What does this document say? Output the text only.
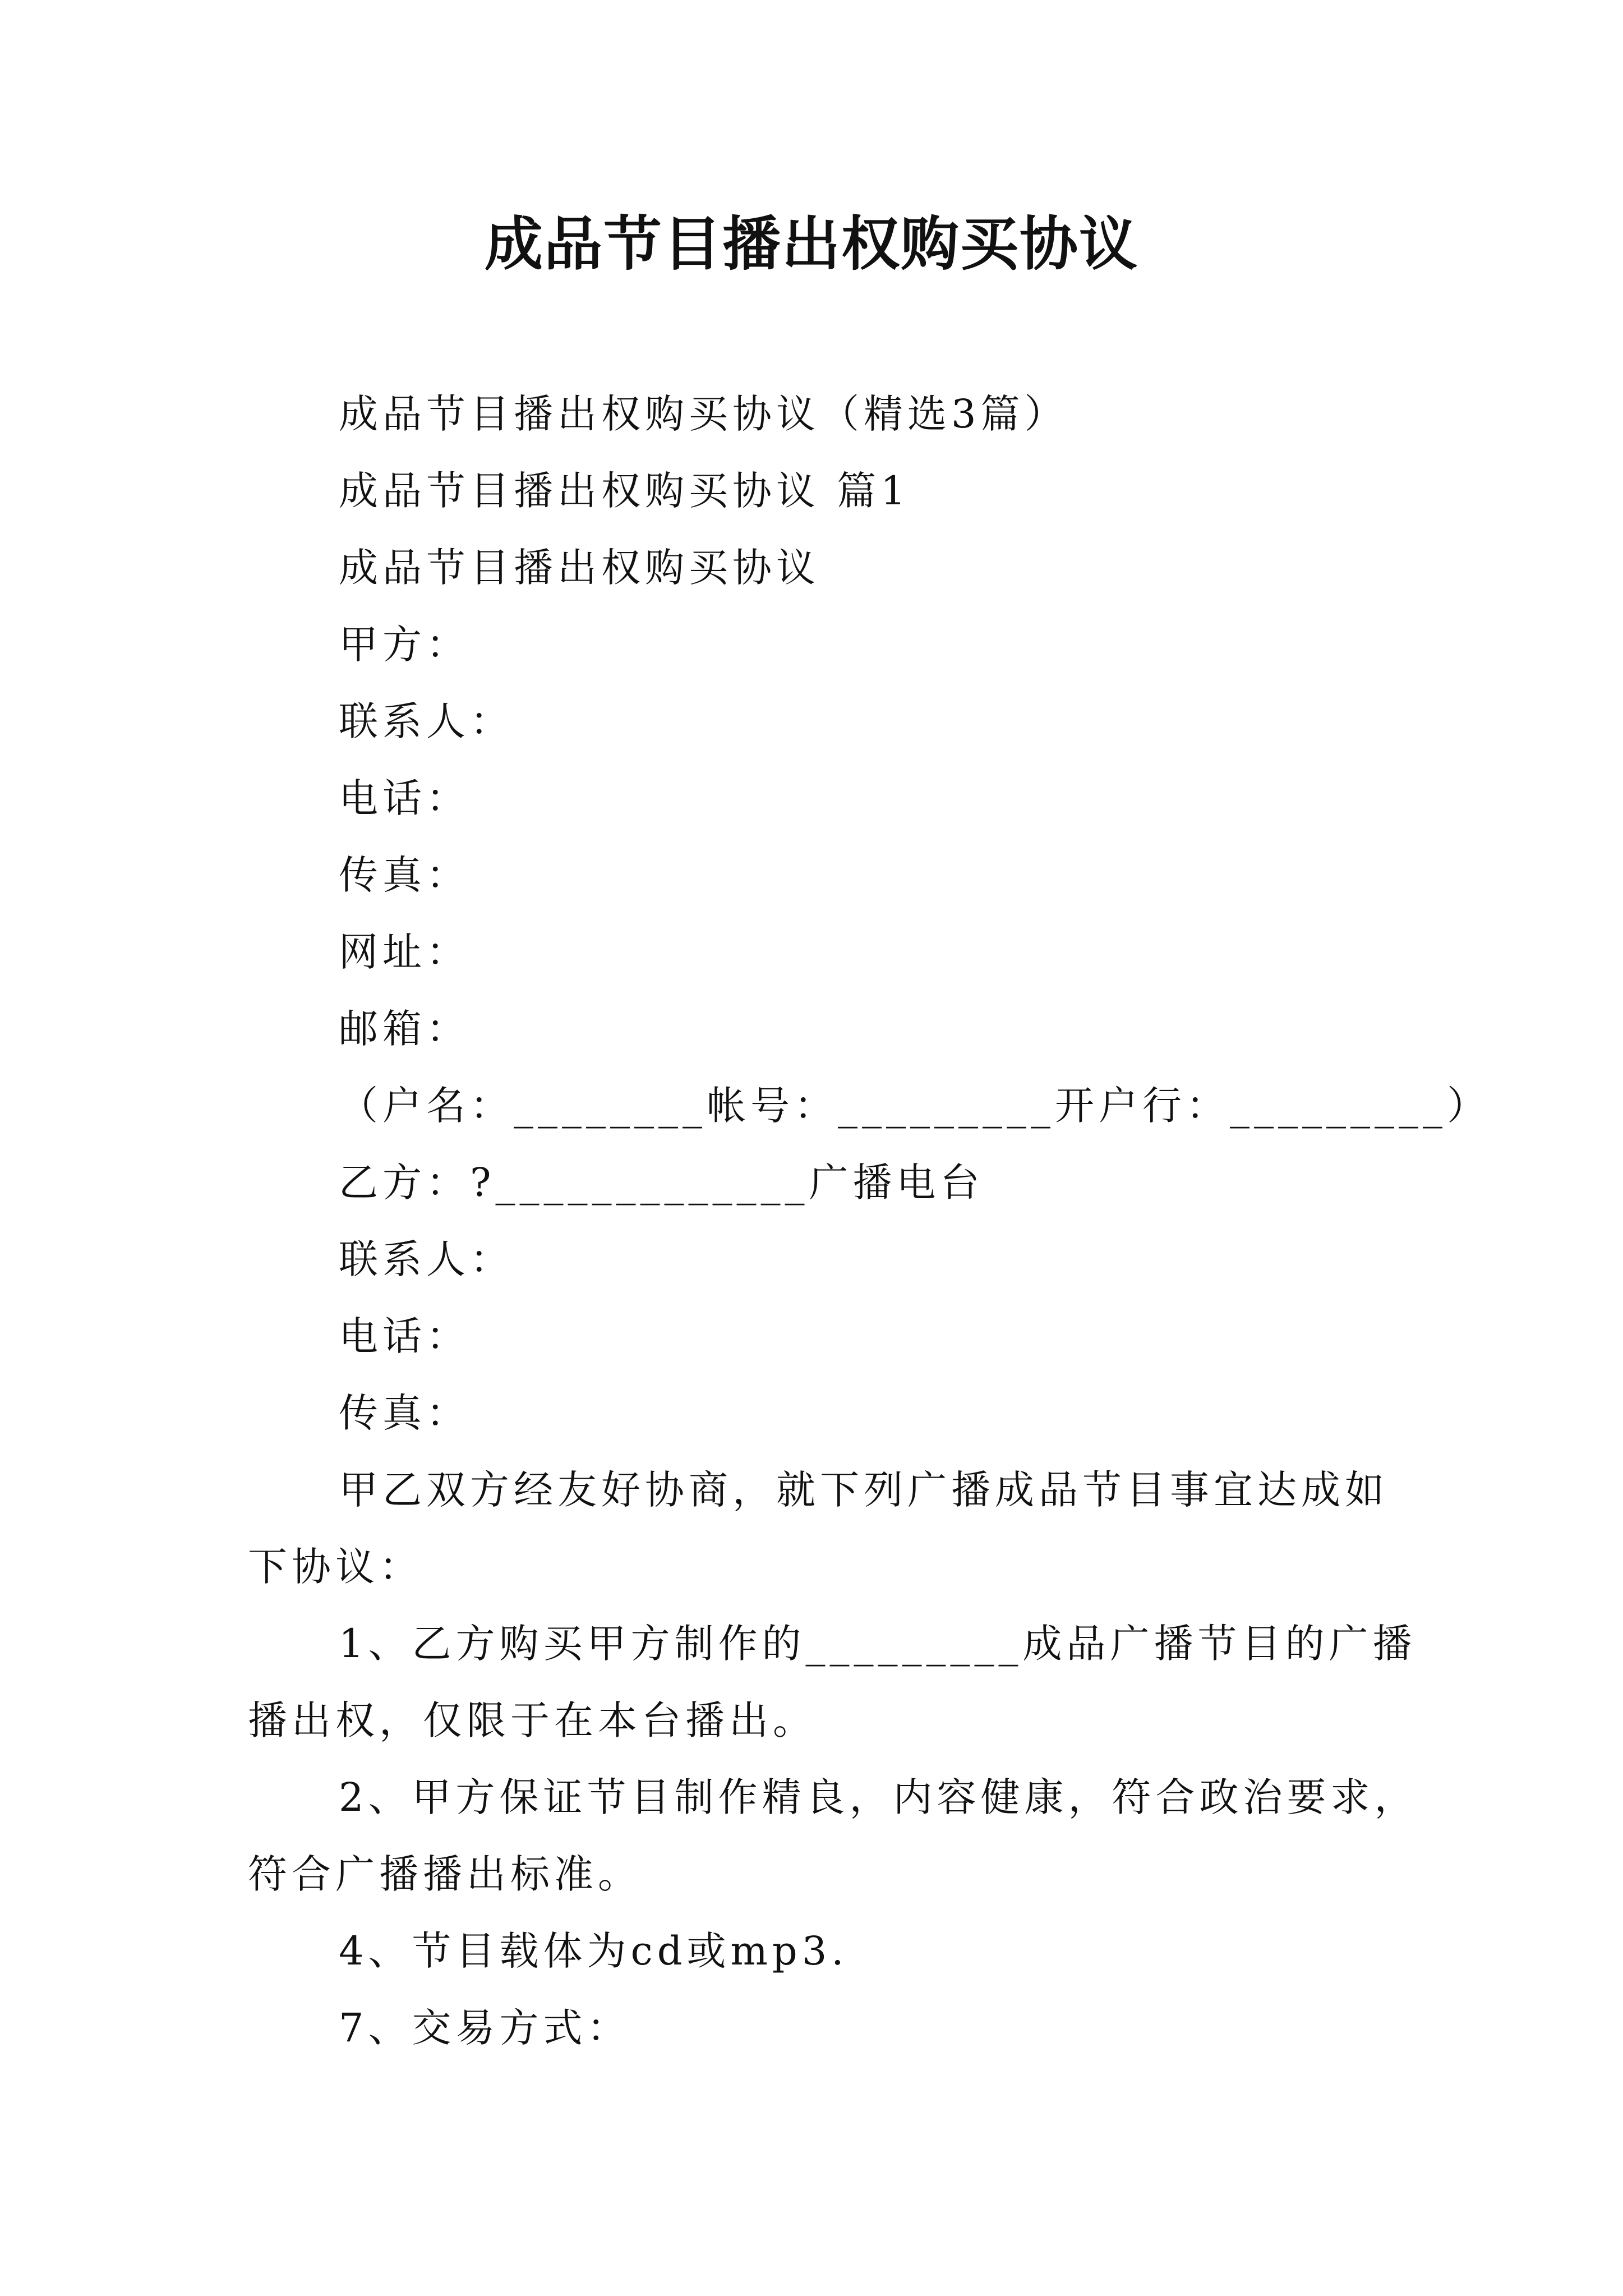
成品节目播出权购买协议

成品节目播出权购买协议（精选3篇）

成品节目播出权购买协议 篇1

成品节目播出权购买协议

甲方：

联系人：

电话：

传真：

网址：

邮箱：

（户名：________帐号：_________开户行：_________）

乙方：?_____________广播电台

联系人：

电话：

传真：

甲乙双方经友好协商，就下列广播成品节目事宜达成如

下协议：

1、乙方购买甲方制作的_________成品广播节目的广播

播出权，仅限于在本台播出。

2、甲方保证节目制作精良，内容健康，符合政治要求，

符合广播播出标准。

4、节目载体为cd或mp3.

7、交易方式：
